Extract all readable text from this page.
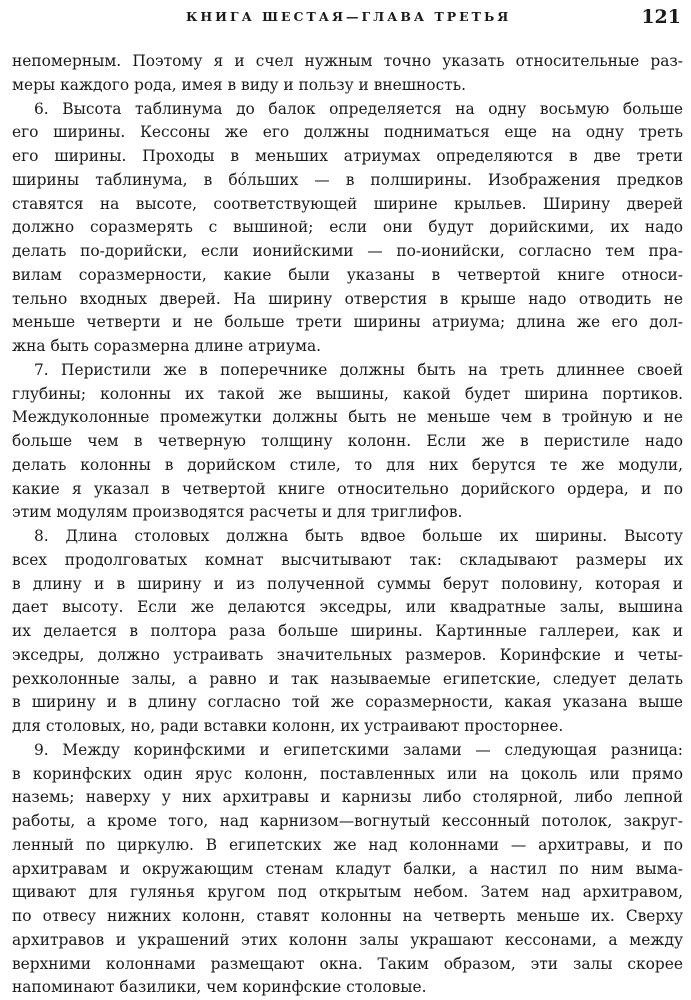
КНИГА ШЕСТАЯ—ГЛАВА ТРЕТЬЯ	121
непомерным. Поэтому я и счел нужным точно указать относительные раз-
меры каждого рода, имея в виду и пользу и внешность.
6. Высота таблинума до балок определяется на одну восьмую больше
его ширины. Кессоны же его должны подниматься еще на одну треть
его ширины. Проходы в меньших атриумах определяются в две трети
ширины таблинума, в бóльших — в полширины. Изображения предков
ставятся на высоте, соответствующей ширине крыльев. Ширину дверей
должно соразмерять с вышиной; если они будут дорийскими, их надо
делать по-дорийски, если ионийскими — по-ионийски, согласно тем пра-
вилам соразмерности, какие были указаны в четвертой книге относи-
тельно входных дверей. На ширину отверстия в крыше надо отводить не
меньше четверти и не больше трети ширины атриума; длина же его дол-
жна быть соразмерна длине атриума.
7. Перистили же в поперечнике должны быть на треть длиннее своей
глубины; колонны их такой же вышины, какой будет ширина портиков.
Междуколонные промежутки должны быть не меньше чем в тройную и не
больше чем в четверную толщину колонн. Если же в перистиле надо
делать колонны в дорийском стиле, то для них берутся те же модули,
какие я указал в четвертой книге относительно дорийского ордера, и по
этим модулям производятся расчеты и для триглифов.
8. Длина столовых должна быть вдвое больше их ширины. Высоту
всех продолговатых комнат высчитывают так: складывают размеры их
в длину и в ширину и из полученной суммы берут половину, которая и
дает высоту. Если же делаются экседры, или квадратные залы, вышина
их делается в полтора раза больше ширины. Картинные галлереи, как и
экседры, должно устраивать значительных размеров. Коринфские и четы-
рехколонные залы, а равно и так называемые египетские, следует делать
в ширину и в длину согласно той же соразмерности, какая указана выше
для столовых, но, ради вставки колонн, их устраивают просторнее.
9. Между коринфскими и египетскими залами — следующая разница:
в коринфских один ярус колонн, поставленных или на цоколь или прямо
наземь; наверху у них архитравы и карнизы либо столярной, либо лепной
работы, а кроме того, над карнизом—вогнутый кессонный потолок, закруг-
ленный по циркулю. В египетских же над колоннами — архитравы, и по
архитравам и окружающим стенам кладут балки, а настил по ним выма-
щивают для гулянья кругом под открытым небом. Затем над архитравом,
по отвесу нижних колонн, ставят колонны на четверть меньше их. Сверху
архитравов и украшений этих колонн залы украшают кессонами, а между
верхними колоннами размещают окна. Таким образом, эти залы скорее
напоминают базилики, чем коринфские столовые.
